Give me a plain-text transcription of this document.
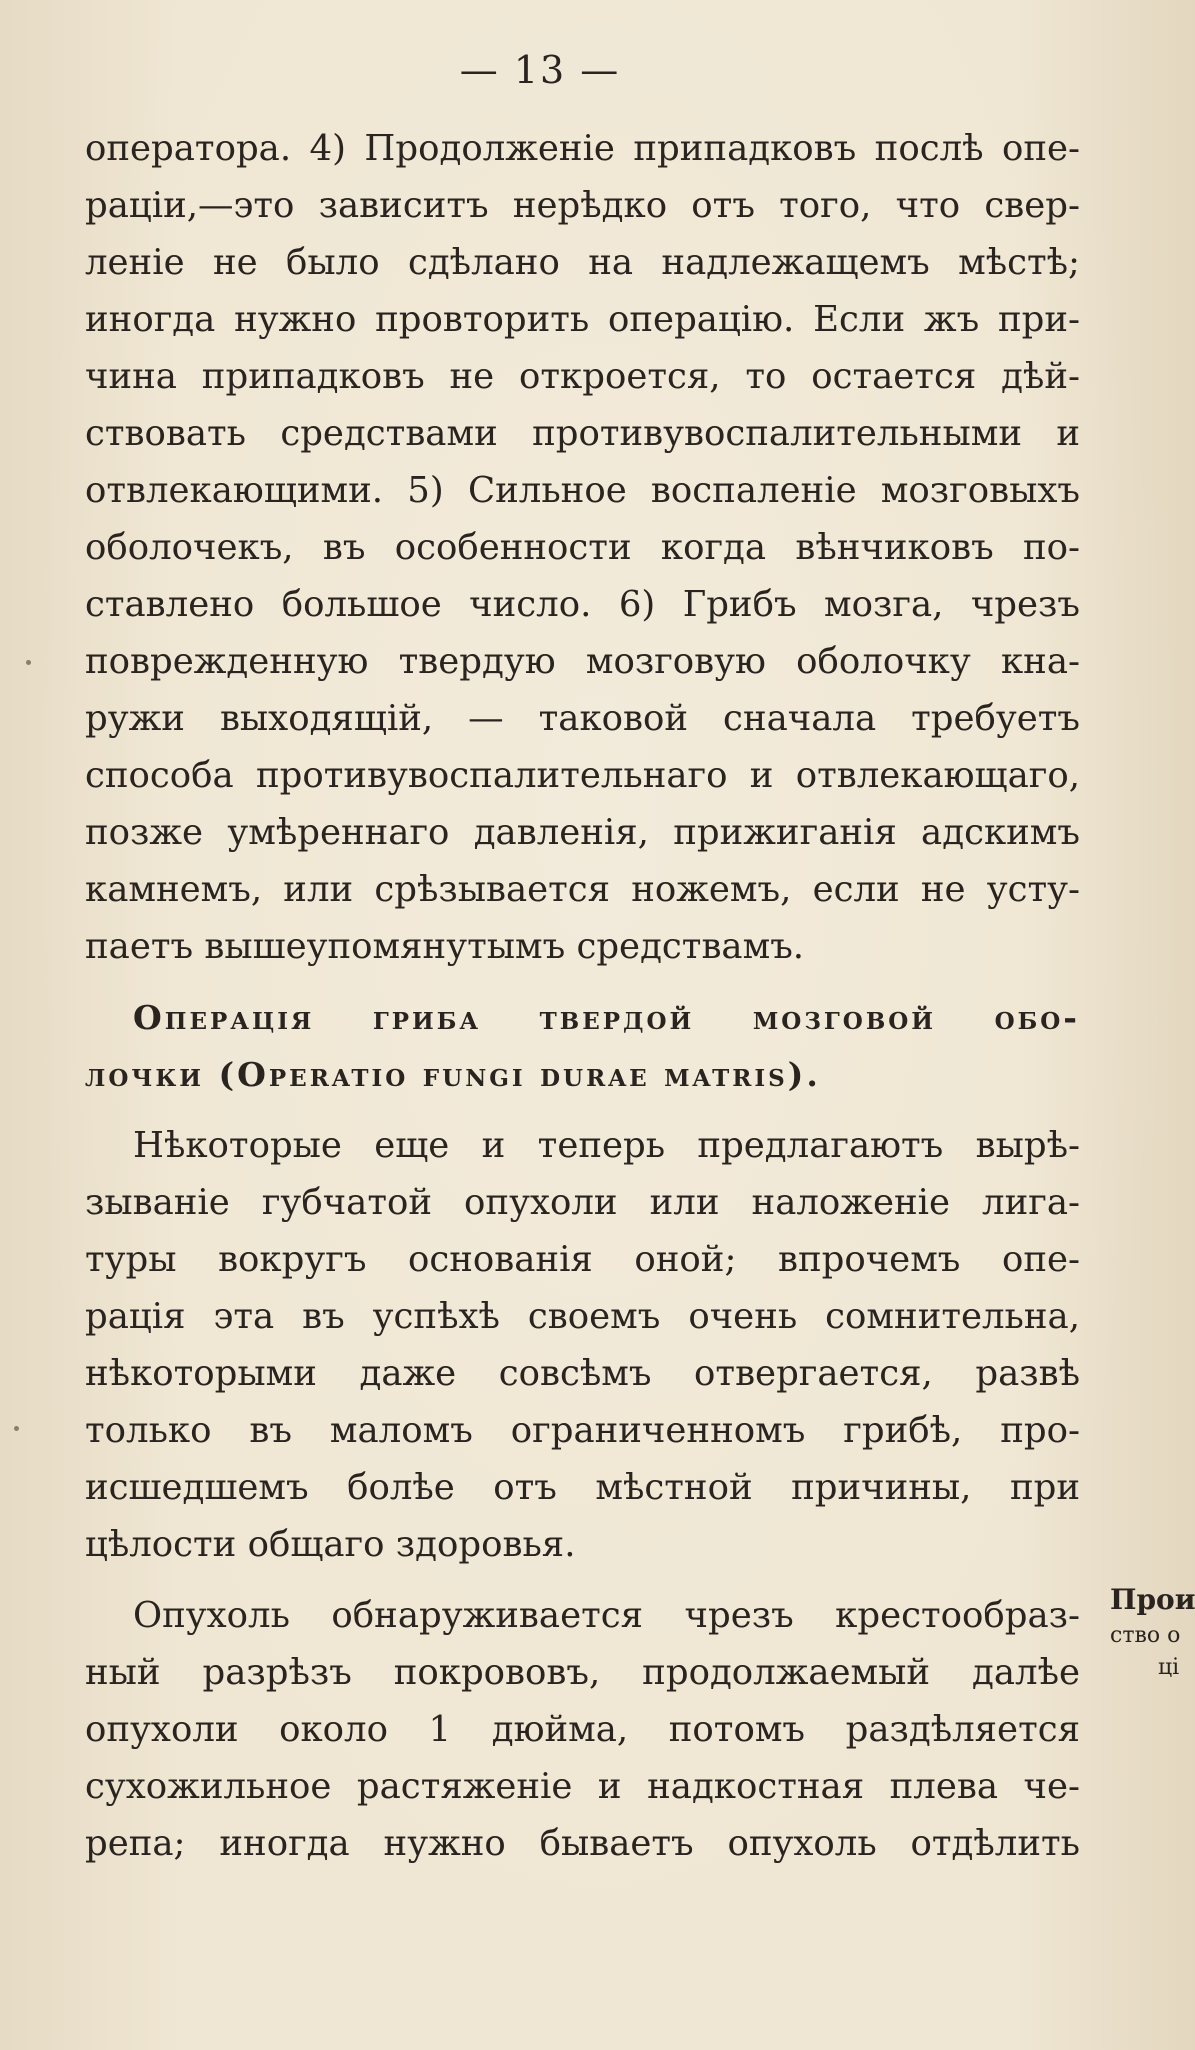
— 13 —
оператора. 4) Продолженіе припадковъ послѣ опе-
раціи,—это зависитъ нерѣдко отъ того, что свер-
леніе не было сдѣлано на надлежащемъ мѣстѣ;
иногда нужно провторить операцію. Если жъ при-
чина припадковъ не откроется, то остается дѣй-
ствовать средствами противувоспалительными и
отвлекающими. 5) Сильное воспаленіе мозговыхъ
оболочекъ, въ особенности когда вѣнчиковъ по-
ставлено большое число. 6) Грибъ мозга, чрезъ
поврежденную твердую мозговую оболочку кна-
ружи выходящій, — таковой сначала требуетъ
способа противувоспалительнаго и отвлекающаго,
позже умѣреннаго давленія, прижиганія адскимъ
камнемъ, или срѣзывается ножемъ, если не усту-
паетъ вышеупомянутымъ средствамъ.
Операція гриба твердой мозговой обо-
лочки (Operatio fungi durae matris).
Нѣкоторые еще и теперь предлагаютъ вырѣ-
зываніе губчатой опухоли или наложеніе лига-
туры вокругъ основанія оной; впрочемъ опе-
рація эта въ успѣхѣ своемъ очень сомнительна,
нѣкоторыми даже совсѣмъ отвергается, развѣ
только въ маломъ ограниченномъ грибѣ, про-
исшедшемъ болѣе отъ мѣстной причины, при
цѣлости общаго здоровья.
Опухоль обнаруживается чрезъ крестообраз-
ный разрѣзъ покрововъ, продолжаемый далѣе
опухоли около 1 дюйма, потомъ раздѣляется
сухожильное растяженіе и надкостная плева че-
репа; иногда нужно бываетъ опухоль отдѣлить
Прои
ство о
ці
